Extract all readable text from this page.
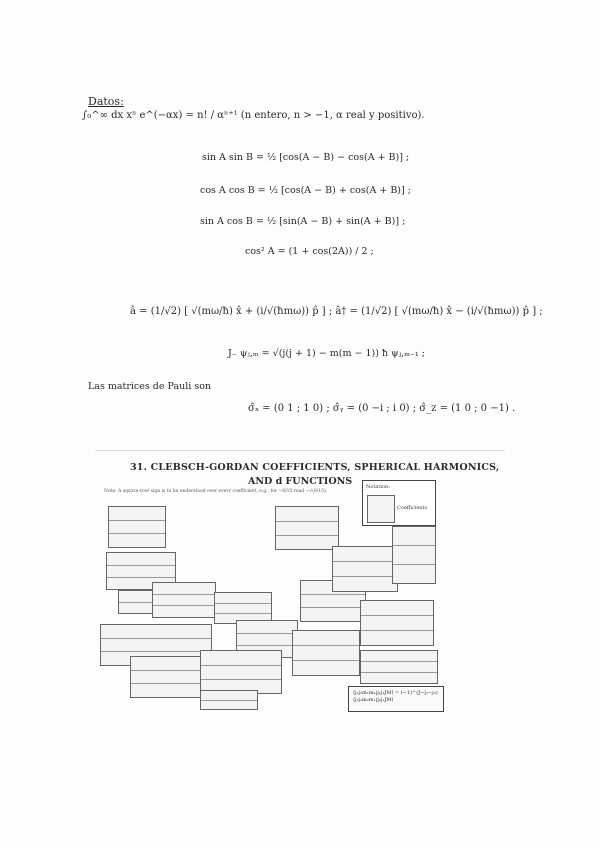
Datos:
∫₀^∞ dx xⁿ e^(−αx) = n! / αⁿ⁺¹ (n entero, n > −1, α real y positivo).
sin A sin B = ½ [cos(A − B) − cos(A + B)] ;
cos A cos B = ½ [cos(A − B) + cos(A + B)] ;
sin A cos B = ½ [sin(A − B) + sin(A + B)] ;
cos² A = (1 + cos(2A)) / 2 ;
â = (1/√2) [ √(mω/ħ) x̂ + (i/√(ħmω)) p̂ ] ; â† = (1/√2) [ √(mω/ħ) x̂ − (i/√(ħmω)) p̂ ] ;
J₋ ψⱼ,ₘ = √(j(j + 1) − m(m − 1)) ħ ψⱼ,ₘ₋₁ ;
Las matrices de Pauli son
σ̂ₓ = (0 1 ; 1 0) ; σ̂ᵧ = (0 −i ; i 0) ; σ̂_z = (1 0 ; 0 −1) .
31. CLEBSCH-GORDAN COEFFICIENTS, SPHERICAL HARMONICS,
AND d FUNCTIONS
Note: A square-root sign is to be understood over every coefficient, e.g., for −8/15 read −√(8/15).
Notation:
Coefficients
⟨j₁j₂m₁m₂|j₁j₂JM⟩ = (−1)^(J−j₁−j₂) ⟨j₂j₁m₂m₁|j₂j₁JM⟩
